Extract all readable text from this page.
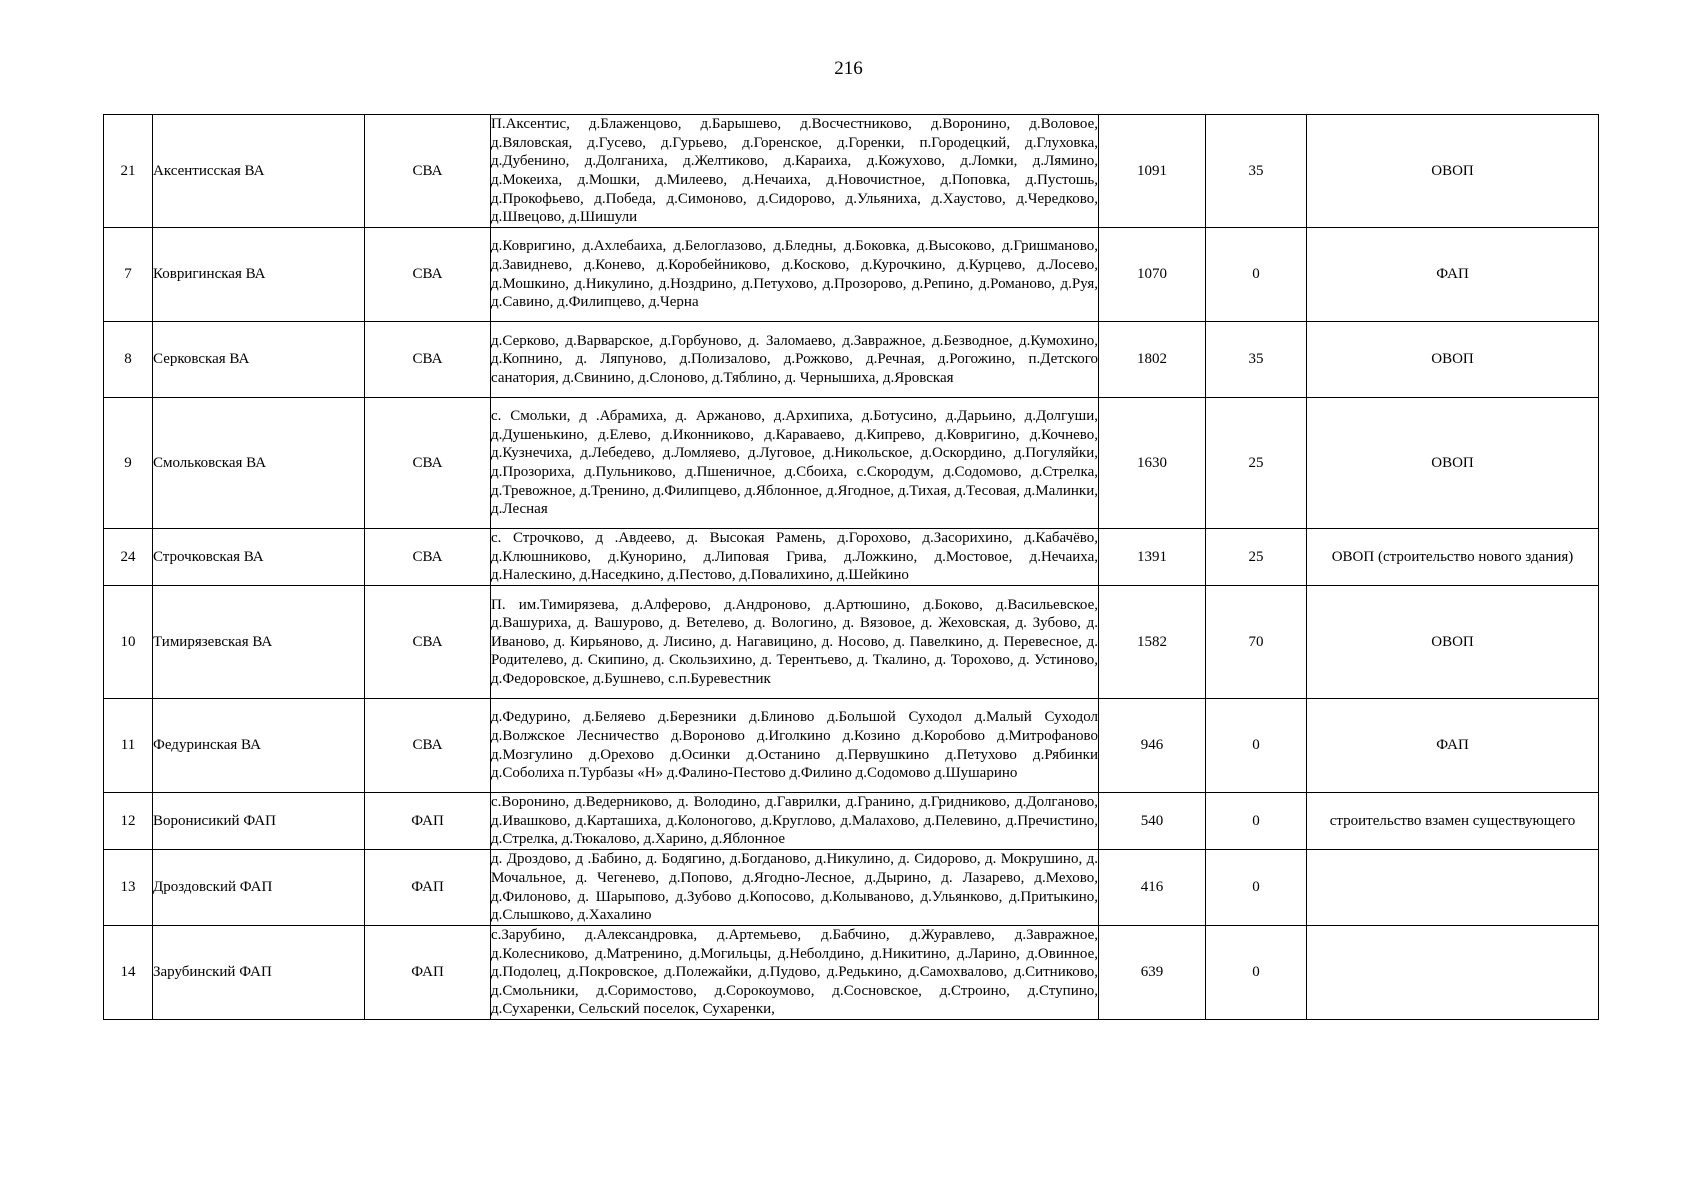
216
21	Аксентисская ВА	СВА	П.Аксентис, д.Блаженцово, д.Барышево, д.Восчестниково, д.Воронино, д.Воловое, д.Вяловская, д.Гусево, д.Гурьево, д.Горенское, д.Горенки, п.Городецкий, д.Глуховка, д.Дубенино, д.Долганиха, д.Желтиково, д.Караиха, д.Кожухово, д.Ломки, д.Лямино, д.Мокеиха, д.Мошки, д.Милеево, д.Нечаиха, д.Новочистное, д.Поповка, д.Пустошь, д.Прокофьево, д.Победа, д.Симоново, д.Сидорово, д.Ульяниха, д.Хаустово, д.Чередково, д.Швецово, д.Шишули	1091	35	ОВОП
7	Ковригинская ВА	СВА	д.Ковригино, д.Ахлебаиха, д.Белоглазово, д.Бледны, д.Боковка, д.Высоково, д.Гришманово, д.Завиднево, д.Конево, д.Коробейниково, д.Косково, д.Курочкино, д.Курцево, д.Лосево, д.Мошкино, д.Никулино, д.Ноздрино, д.Петухово, д.Прозорово, д.Репино, д.Романово, д.Руя, д.Савино, д.Филипцево, д.Черна	1070	0	ФАП
8	Серковская ВА	СВА	д.Серково, д.Варварское, д.Горбуново, д. Заломаево, д.Завражное, д.Безводное, д.Кумохино, д.Копнино, д. Ляпуново, д.Полизалово, д.Рожково, д.Речная, д.Рогожино, п.Детского санатория, д.Свинино, д.Слоново, д.Тяблино, д. Чернышиха, д.Яровская	1802	35	ОВОП
9	Смольковская ВА	СВА	с. Смольки, д .Абрамиха, д. Аржаново, д.Архипиха, д.Ботусино, д.Дарьино, д.Долгуши, д.Душенькино, д.Елево, д.Иконниково, д.Караваево, д.Кипрево, д.Ковригино, д.Кочнево, д.Кузнечиха, д.Лебедево, д.Ломляево, д.Луговое, д.Никольское, д.Оскордино, д.Погуляйки, д.Прозориха, д.Пульниково, д.Пшеничное, д.Сбоиха, с.Скородум, д.Содомово, д.Стрелка, д.Тревожное, д.Тренино, д.Филипцево, д.Яблонное, д.Ягодное, д.Тихая, д.Тесовая, д.Малинки, д.Лесная	1630	25	ОВОП
24	Строчковская ВА	СВА	с. Строчково, д .Авдеево, д. Высокая Рамень, д.Горохово, д.Засорихино, д.Кабачёво, д.Клюшниково, д.Кунорино, д.Липовая Грива, д.Ложкино, д.Мостовое, д.Нечаиха, д.Налескино, д.Наседкино, д.Пестово, д.Повалихино, д.Шейкино	1391	25	ОВОП (строительство нового здания)
10	Тимирязевская ВА	СВА	П. им.Тимирязева, д.Алферово, д.Андроново, д.Артюшино, д.Боково, д.Васильевское, д.Вашуриха, д. Вашурово, д. Ветелево, д. Вологино, д. Вязовое, д. Жеховская, д. Зубово, д. Иваново, д. Кирьяново, д. Лисино, д. Нагавицино, д. Носово, д. Павелкино, д. Перевесное, д. Родителево, д. Скипино, д. Скользихино, д. Терентьево, д. Ткалино, д. Торохово, д. Устиново, д.Федоровское, д.Бушнево, с.п.Буревестник	1582	70	ОВОП
11	Федуринская ВА	СВА	д.Федурино, д.Беляево д.Березники д.Блиново д.Большой Суходол д.Малый Суходол д.Волжское Лесничество д.Вороново д.Иголкино д.Козино д.Коробово д.Митрофаново д.Мозгулино д.Орехово д.Осинки д.Останино д.Первушкино д.Петухово д.Рябинки д.Соболиха п.Турбазы «Н» д.Фалино-Пестово д.Филино д.Содомово д.Шушарино	946	0	ФАП
12	Воронисикий ФАП	ФАП	с.Воронино, д.Ведерниково, д. Володино, д.Гаврилки, д.Гранино, д.Гридниково, д.Долганово, д.Ивашково, д.Карташиха, д.Колоногово, д.Круглово, д.Малахово, д.Пелевино, д.Пречистино, д.Стрелка, д.Тюкалово, д.Харино, д.Яблонное	540	0	строительство взамен существующего
13	Дроздовский ФАП	ФАП	д. Дроздово, д .Бабино, д. Бодягино, д.Богданово, д.Никулино, д. Сидорово, д. Мокрушино, д. Мочальное, д. Чегенево, д.Попово, д.Ягодно-Лесное, д.Дырино, д. Лазарево, д.Мехово, д.Филоново, д. Шарыпово, д.Зубово д.Копосово, д.Колываново, д.Ульянково, д.Притыкино, д.Слышково, д.Хахалино	416	0	
14	Зарубинский ФАП	ФАП	с.Зарубино, д.Александровка, д.Артемьево, д.Бабчино, д.Журавлево, д.Завражное, д.Колесниково, д.Матренино, д.Могильцы, д.Неболдино, д.Никитино, д.Ларино, д.Овинное, д.Подолец, д.Покровское, д.Полежайки, д.Пудово, д.Редькино, д.Самохвалово, д.Ситниково, д.Смольники, д.Соримостово, д.Сорокоумово, д.Сосновское, д.Строино, д.Ступино, д.Сухаренки, Сельский поселок, Сухаренки,	639	0	
